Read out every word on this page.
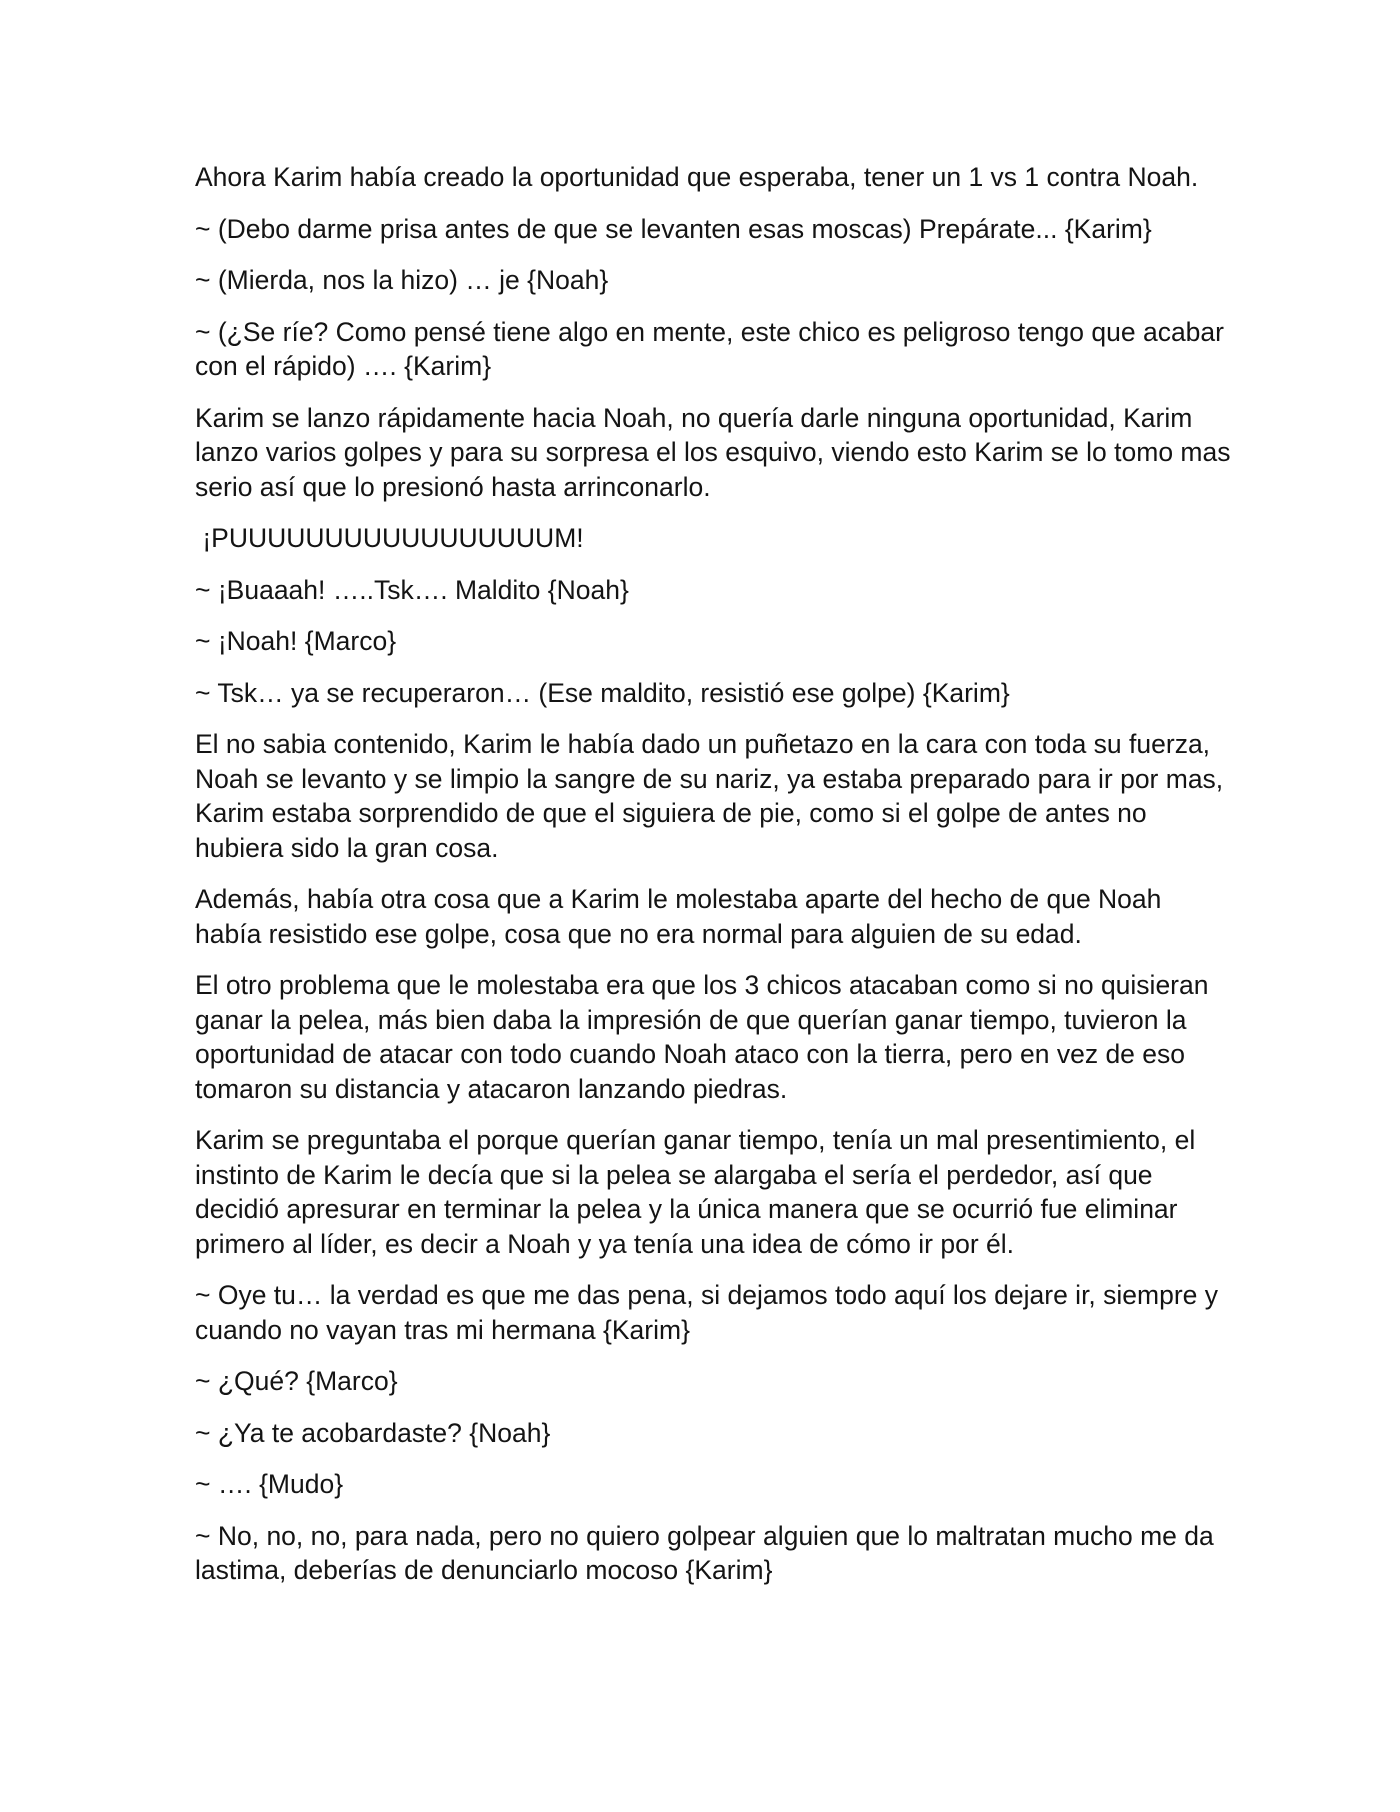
Ahora Karim había creado la oportunidad que esperaba, tener un 1 vs 1 contra Noah.

~ (Debo darme prisa antes de que se levanten esas moscas) Prepárate... {Karim}

~ (Mierda, nos la hizo) … je {Noah}

~ (¿Se ríe? Como pensé tiene algo en mente, este chico es peligroso tengo que acabar con el rápido) …. {Karim}

Karim se lanzo rápidamente hacia Noah, no quería darle ninguna oportunidad, Karim lanzo varios golpes y para su sorpresa el los esquivo, viendo esto Karim se lo tomo mas serio así que lo presionó hasta arrinconarlo.

¡PUUUUUUUUUUUUUUUUUM!

~ ¡Buaaah! …..Tsk…. Maldito {Noah}

~ ¡Noah! {Marco}

~ Tsk… ya se recuperaron… (Ese maldito, resistió ese golpe) {Karim}

El no sabia contenido, Karim le había dado un puñetazo en la cara con toda su fuerza, Noah se levanto y se limpio la sangre de su nariz, ya estaba preparado para ir por mas, Karim estaba sorprendido de que el siguiera de pie, como si el golpe de antes no hubiera sido la gran cosa.

Además, había otra cosa que a Karim le molestaba aparte del hecho de que Noah había resistido ese golpe, cosa que no era normal para alguien de su edad.

El otro problema que le molestaba era que los 3 chicos atacaban como si no quisieran ganar la pelea, más bien daba la impresión de que querían ganar tiempo, tuvieron la oportunidad de atacar con todo cuando Noah ataco con la tierra, pero en vez de eso tomaron su distancia y atacaron lanzando piedras.

Karim se preguntaba el porque querían ganar tiempo, tenía un mal presentimiento, el instinto de Karim le decía que si la pelea se alargaba el sería el perdedor, así que decidió apresurar en terminar la pelea y la única manera que se ocurrió fue eliminar primero al líder, es decir a Noah y ya tenía una idea de cómo ir por él.

~ Oye tu… la verdad es que me das pena, si dejamos todo aquí los dejare ir, siempre y cuando no vayan tras mi hermana {Karim}

~ ¿Qué? {Marco}

~ ¿Ya te acobardaste? {Noah}

~ …. {Mudo}

~ No, no, no, para nada, pero no quiero golpear alguien que lo maltratan mucho me da lastima, deberías de denunciarlo mocoso {Karim}
